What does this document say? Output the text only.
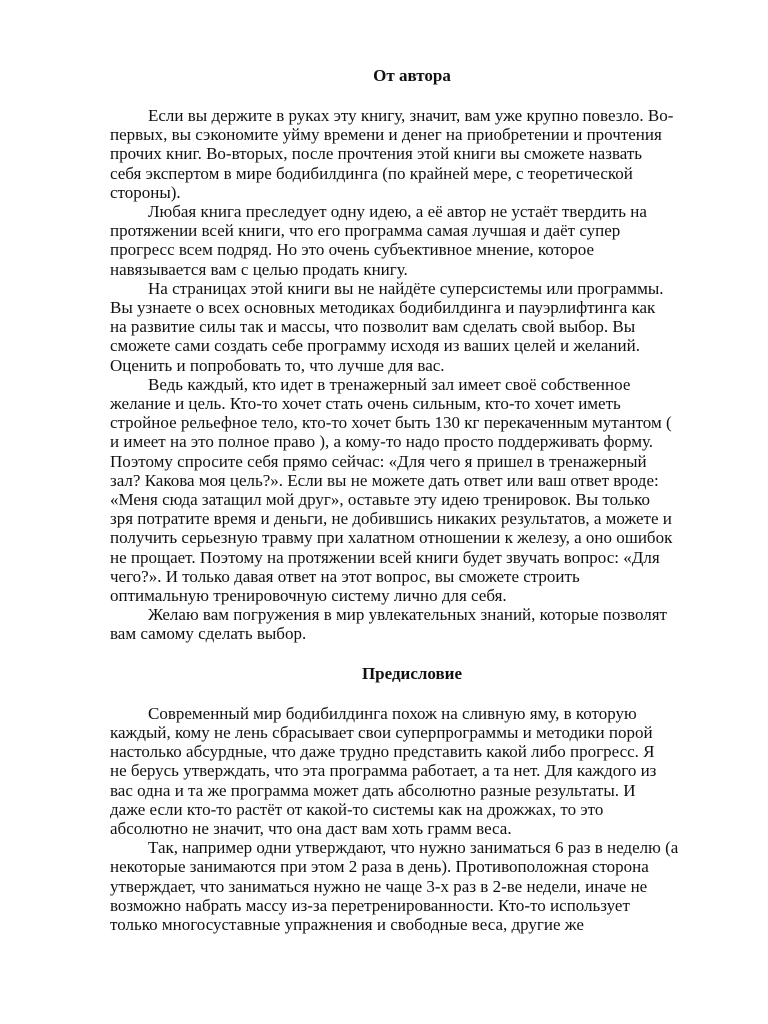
От автора
Если вы держите в руках эту книгу, значит, вам уже крупно повезло. Во-
первых, вы сэкономите уйму времени и денег на приобретении и прочтения
прочих книг. Во-вторых, после прочтения этой книги вы сможете назвать
себя экспертом в мире бодибилдинга (по крайней мере, с теоретической
стороны).
Любая книга преследует одну идею, а её автор не устаёт твердить на
протяжении всей книги, что его программа самая лучшая и даёт супер
прогресс всем подряд. Но это очень субъективное мнение, которое
навязывается вам с целью продать книгу.
На страницах этой книги вы не найдёте суперсистемы или программы.
Вы узнаете о всех основных методиках бодибилдинга и пауэрлифтинга как
на развитие силы так и массы, что позволит вам сделать свой выбор. Вы
сможете сами создать себе программу исходя из ваших целей и желаний.
Оценить и попробовать то, что лучше для вас.
Ведь каждый, кто идет в тренажерный зал имеет своё собственное
желание и цель. Кто-то хочет стать очень сильным, кто-то хочет иметь
стройное рельефное тело, кто-то хочет быть 130 кг перекаченным мутантом (
и имеет на это полное право ), а кому-то надо просто поддерживать форму.
Поэтому спросите себя прямо сейчас: «Для чего я пришел в тренажерный
зал? Какова моя цель?». Если вы не можете дать ответ или ваш ответ вроде:
«Меня сюда затащил мой друг», оставьте эту идею тренировок. Вы только
зря потратите время и деньги, не добившись никаких результатов, а можете и
получить серьезную травму при халатном отношении к железу, а оно ошибок
не прощает. Поэтому на протяжении всей книги будет звучать вопрос: «Для
чего?». И только давая ответ на этот вопрос, вы сможете строить
оптимальную тренировочную систему лично для себя.
Желаю вам погружения в мир увлекательных знаний, которые позволят
вам самому сделать выбор.
Предисловие
Современный мир бодибилдинга похож на сливную яму, в которую
каждый, кому не лень сбрасывает свои суперпрограммы и методики порой
настолько абсурдные, что даже трудно представить какой либо прогресс. Я
не берусь утверждать, что эта программа работает, а та нет. Для каждого из
вас одна и та же программа может дать абсолютно разные результаты. И
даже если кто-то растёт от какой-то системы как на дрожжах, то это
абсолютно не значит, что она даст вам хоть грамм веса.
Так, например одни утверждают, что нужно заниматься 6 раз в неделю (а
некоторые занимаются при этом 2 раза в день). Противоположная сторона
утверждает, что заниматься нужно не чаще 3-х раз в 2-ве недели, иначе не
возможно набрать массу из-за перетренированности. Кто-то использует
только многосуставные упражнения и свободные веса, другие же
